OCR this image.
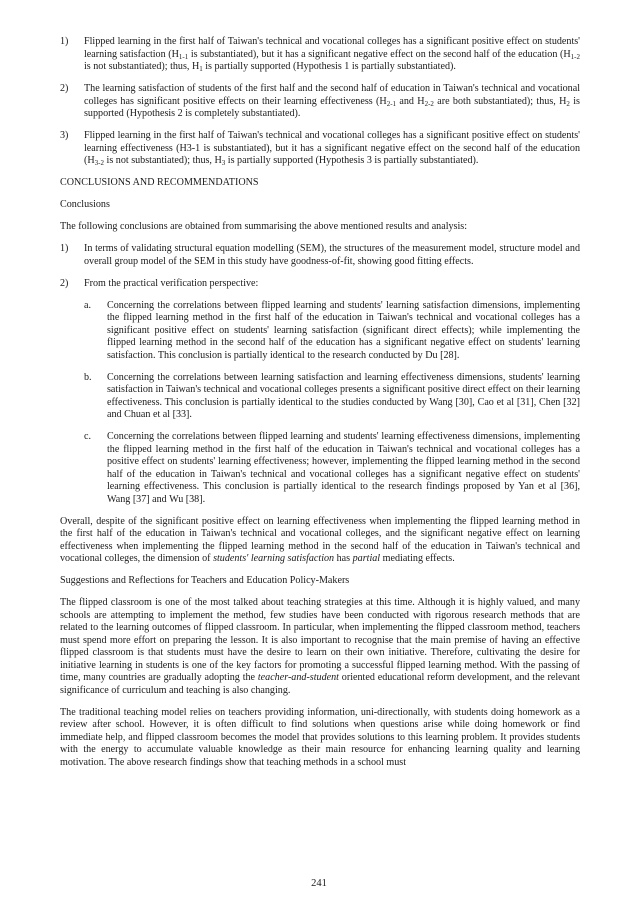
1)	Flipped learning in the first half of Taiwan's technical and vocational colleges has a significant positive effect on students' learning satisfaction ($H_{1-1}$ is substantiated), but it has a significant negative effect on the second half of the education ($H_{1-2}$ is not substantiated); thus, $H_1$ is partially supported (Hypothesis 1 is partially substantiated).
2)	The learning satisfaction of students of the first half and the second half of education in Taiwan's technical and vocational colleges has significant positive effects on their learning effectiveness ($H_{2-1}$ and $H_{2-2}$ are both substantiated); thus, $H_2$ is supported (Hypothesis 2 is completely substantiated).
3)	Flipped learning in the first half of Taiwan's technical and vocational colleges has a significant positive effect on students' learning effectiveness (H3-1 is substantiated), but it has a significant negative effect on the second half of the education ($H_{3-2}$ is not substantiated); thus, $H_3$ is partially supported (Hypothesis 3 is partially substantiated).
CONCLUSIONS AND RECOMMENDATIONS
Conclusions

The following conclusions are obtained from summarising the above mentioned results and analysis:

1)	In terms of validating structural equation modelling (SEM), the structures of the measurement model, structure model and overall group model of the SEM in this study have goodness-of-fit, showing good fitting effects.
2)	From the practical verification perspective:
a.	Concerning the correlations between flipped learning and students' learning satisfaction dimensions, implementing the flipped learning method in the first half of the education in Taiwan's technical and vocational colleges has a significant positive effect on students' learning satisfaction (significant direct effects); while implementing the flipped learning method in the second half of the education has a significant negative effect on students' learning satisfaction. This conclusion is partially identical to the research conducted by Du [28].
b.	Concerning the correlations between learning satisfaction and learning effectiveness dimensions, students' learning satisfaction in Taiwan's technical and vocational colleges presents a significant positive direct effect on their learning effectiveness. This conclusion is partially identical to the studies conducted by Wang [30], Cao et al [31], Chen [32] and Chuan et al [33].
c.	Concerning the correlations between flipped learning and students' learning effectiveness dimensions, implementing the flipped learning method in the first half of the education in Taiwan's technical and vocational colleges has a positive effect on students' learning effectiveness; however, implementing the flipped learning method in the second half of the education in Taiwan's technical and vocational colleges has a significant negative effect on students' learning effectiveness. This conclusion is partially identical to the research findings proposed by Yan et al [36], Wang [37] and Wu [38].

Overall, despite of the significant positive effect on learning effectiveness when implementing the flipped learning method in the first half of the education in Taiwan's technical and vocational colleges, and the significant negative effect on learning effectiveness when implementing the flipped learning method in the second half of the education in Taiwan's technical and vocational colleges, the dimension of students' learning satisfaction has partial mediating effects.

Suggestions and Reflections for Teachers and Education Policy-Makers

The flipped classroom is one of the most talked about teaching strategies at this time. Although it is highly valued, and many schools are attempting to implement the method, few studies have been conducted with rigorous research methods that are related to the learning outcomes of flipped classroom. In particular, when implementing the flipped classroom method, teachers must spend more effort on preparing the lesson. It is also important to recognise that the main premise of having an effective flipped classroom is that students must have the desire to learn on their own initiative. Therefore, cultivating the desire for initiative learning in students is one of the key factors for promoting a successful flipped learning method. With the passing of time, many countries are gradually adopting the teacher-and-student oriented educational reform development, and the relevant significance of curriculum and teaching is also changing.

The traditional teaching model relies on teachers providing information, uni-directionally, with students doing homework as a review after school. However, it is often difficult to find solutions when questions arise while doing homework or find immediate help, and flipped classroom becomes the model that provides solutions to this learning problem. It provides students with the energy to accumulate valuable knowledge as their main resource for enhancing learning quality and learning motivation. The above research findings show that teaching methods in a school must

241
